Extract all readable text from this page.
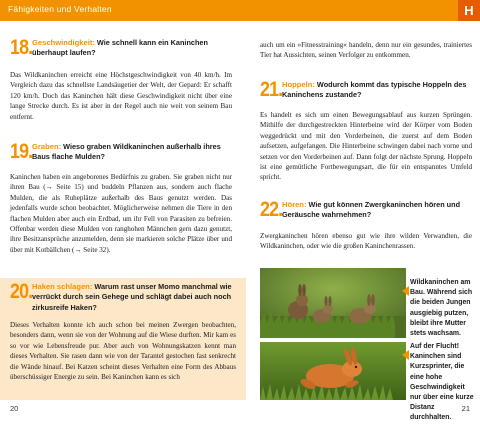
Fähigkeiten und Verhalten	H
18. Geschwindigkeit: Wie schnell kann ein Kaninchen überhaupt laufen?

Das Wildkaninchen erreicht eine Höchstgeschwindigkeit von 40 km/h. Im Vergleich dazu das schnellste Landsäugetier der Welt, der Gepard: Er schafft 120 km/h. Doch das Kaninchen hält diese Geschwindigkeit nicht über eine lange Strecke durch. Es ist aber in der Regel auch nie weit von seinem Bau entfernt.

19. Graben: Wieso graben Wildkaninchen außerhalb ihres Baus flache Mulden?

Kaninchen haben ein angeborenes Bedürfnis zu graben. Sie graben nicht nur ihren Bau (→ Seite 15) und buddeln Pflanzen aus, sondern auch flache Mulden, die als Ruheplätze außerhalb des Baus genutzt werden. Das jedenfalls wurde schon beobachtet. Möglicherweise nehmen die Tiere in den flachen Mulden aber auch ein Erdbad, um ihr Fell von Parasiten zu befreien. Offenbar werden diese Mulden von ranghohen Männchen gern dazu genutzt, ihre Besitzansprüche anzumelden, denn sie markieren solche Plätze über und über mit Kotbällchen (→ Seite 32).

20. Haken schlagen: Warum rast unser Momo manchmal wie verrückt durch sein Gehege und schlägt dabei auch noch zirkusreife Haken?

Dieses Verhalten konnte ich auch schon bei meinen Zwergen beobachten, besonders dann, wenn sie von der Wohnung auf die Wiese durften. Mir kam es so vor wie Lebensfreude pur. Aber auch von Wohnungskatzen kennt man dieses Verhalten. Sie rasen dann wie von der Tarantel gestochen fast senkrecht die Wände hinauf. Bei Katzen scheint dieses Verhalten eine Form des Abbaus überschüssiger Energie zu sein. Bei Kaninchen kann es sich

auch um ein »Fitnesstraining« handeln, denn nur ein gesundes, trainiertes Tier hat Aussichten, seinen Verfolger zu entkommen.

21. Hoppeln: Wodurch kommt das typische Hoppeln des Kaninchens zustande?

Es handelt es sich um einen Bewegungsablauf aus kurzen Sprüngen. Mithilfe der durchgestreckten Hinterbeine wird der Körper vom Boden weggedrückt und mit den Vorderbeinen, die zuerst auf dem Boden aufsetzen, aufgefangen. Die Hinterbeine schwingen dabei nach vorne und setzen vor den Vorderbeinen auf. Dann folgt der nächste Sprung. Hoppeln ist eine gemütliche Fortbewegungsart, die für ein entspanntes Umfeld spricht.

22. Hören: Wie gut können Zwergkaninchen hören und Geräusche wahrnehmen?

Zwergkaninchen hören ebenso gut wie ihre wilden Verwandten, die Wildkaninchen, oder wie die großen Kaninchenrassen.

Wildkaninchen am Bau. Während sich die beiden Jungen ausgiebig putzen, bleibt ihre Mutter stets wachsam.
Auf der Flucht! Kaninchen sind Kurzsprinter, die eine hohe Geschwindigkeit nur über eine kurze Distanz durchhalten.
20	21
